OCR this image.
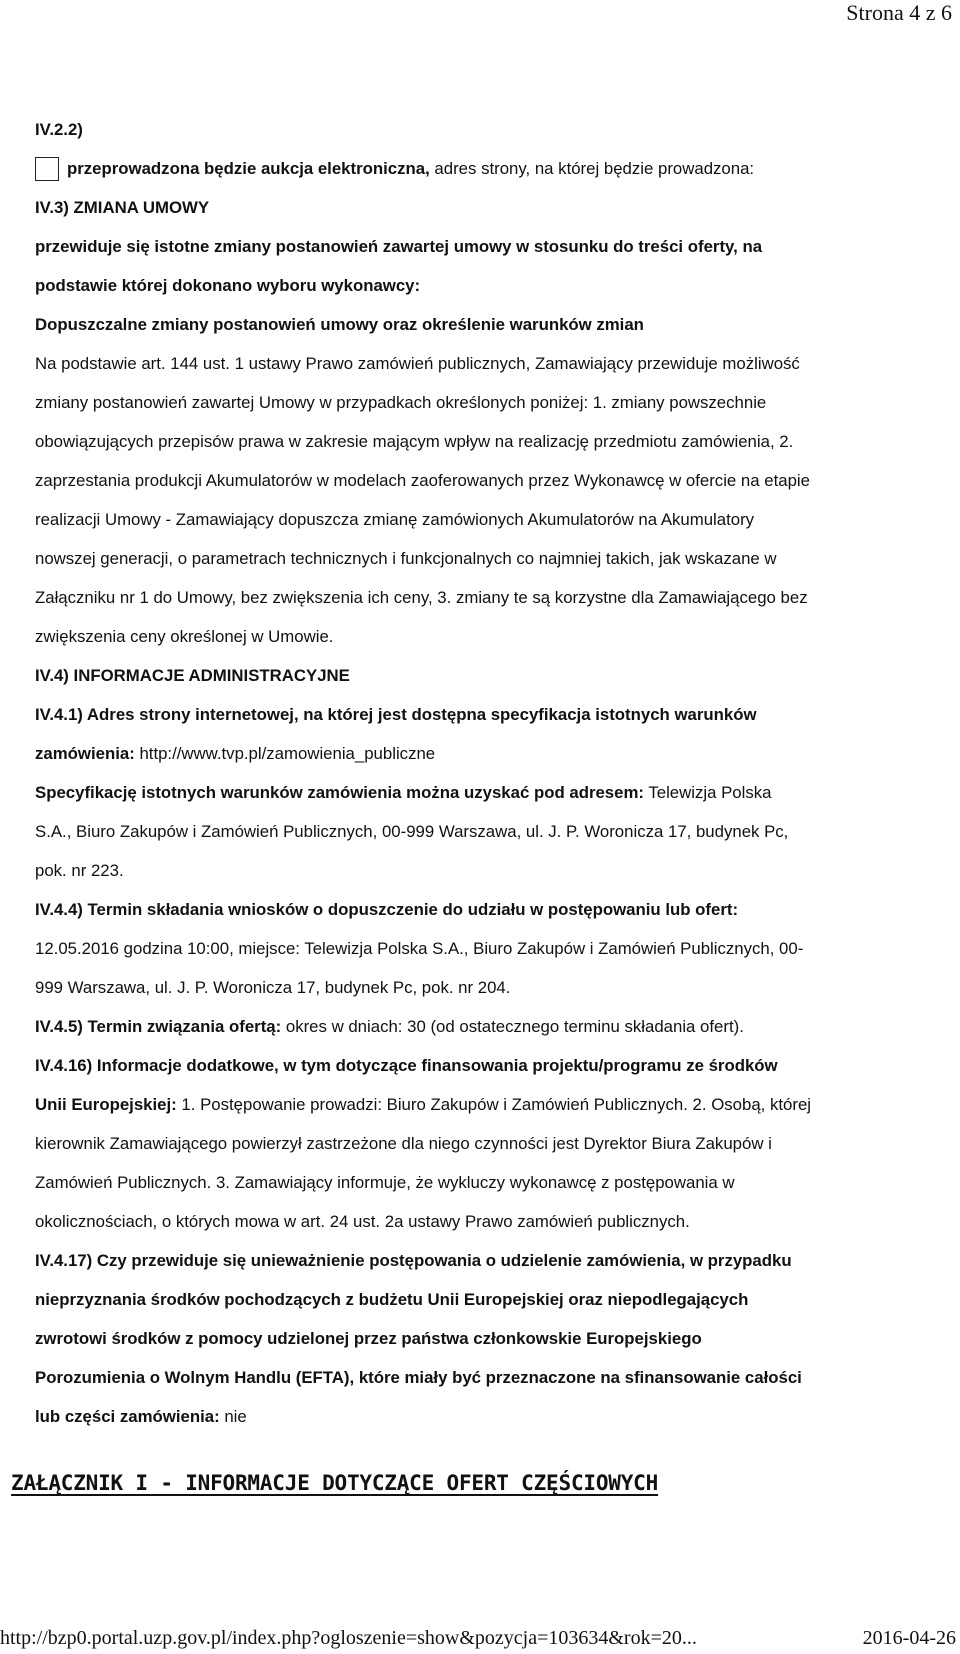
Strona 4 z 6
IV.2.2)
przeprowadzona będzie aukcja elektroniczna, adres strony, na której będzie prowadzona:
IV.3) ZMIANA UMOWY
przewiduje się istotne zmiany postanowień zawartej umowy w stosunku do treści oferty, na
podstawie której dokonano wyboru wykonawcy:
Dopuszczalne zmiany postanowień umowy oraz określenie warunków zmian
Na podstawie art. 144 ust. 1 ustawy Prawo zamówień publicznych, Zamawiający przewiduje możliwość
zmiany postanowień zawartej Umowy w przypadkach określonych poniżej: 1. zmiany powszechnie
obowiązujących przepisów prawa w zakresie mającym wpływ na realizację przedmiotu zamówienia, 2.
zaprzestania produkcji Akumulatorów w modelach zaoferowanych przez Wykonawcę w ofercie na etapie
realizacji Umowy - Zamawiający dopuszcza zmianę zamówionych Akumulatorów na Akumulatory
nowszej generacji, o parametrach technicznych i funkcjonalnych co najmniej takich, jak wskazane w
Załączniku nr 1 do Umowy, bez zwiększenia ich ceny, 3. zmiany te są korzystne dla Zamawiającego bez
zwiększenia ceny określonej w Umowie.
IV.4) INFORMACJE ADMINISTRACYJNE
IV.4.1) Adres strony internetowej, na której jest dostępna specyfikacja istotnych warunków
zamówienia: http://www.tvp.pl/zamowienia_publiczne
Specyfikację istotnych warunków zamówienia można uzyskać pod adresem: Telewizja Polska
S.A., Biuro Zakupów i Zamówień Publicznych, 00-999 Warszawa, ul. J. P. Woronicza 17, budynek Pc,
pok. nr 223.
IV.4.4) Termin składania wniosków o dopuszczenie do udziału w postępowaniu lub ofert:
12.05.2016 godzina 10:00, miejsce: Telewizja Polska S.A., Biuro Zakupów i Zamówień Publicznych, 00-
999 Warszawa, ul. J. P. Woronicza 17, budynek Pc, pok. nr 204.
IV.4.5) Termin związania ofertą: okres w dniach: 30 (od ostatecznego terminu składania ofert).
IV.4.16) Informacje dodatkowe, w tym dotyczące finansowania projektu/programu ze środków
Unii Europejskiej: 1. Postępowanie prowadzi: Biuro Zakupów i Zamówień Publicznych. 2. Osobą, której
kierownik Zamawiającego powierzył zastrzeżone dla niego czynności jest Dyrektor Biura Zakupów i
Zamówień Publicznych. 3. Zamawiający informuje, że wykluczy wykonawcę z postępowania w
okolicznościach, o których mowa w art. 24 ust. 2a ustawy Prawo zamówień publicznych.
IV.4.17) Czy przewiduje się unieważnienie postępowania o udzielenie zamówienia, w przypadku
nieprzyznania środków pochodzących z budżetu Unii Europejskiej oraz niepodlegających
zwrotowi środków z pomocy udzielonej przez państwa członkowskie Europejskiego
Porozumienia o Wolnym Handlu (EFTA), które miały być przeznaczone na sfinansowanie całości
lub części zamówienia: nie
ZAŁĄCZNIK I - INFORMACJE DOTYCZĄCE OFERT CZĘŚCIOWYCH
http://bzp0.portal.uzp.gov.pl/index.php?ogloszenie=show&pozycja=103634&rok=20...	2016-04-26
